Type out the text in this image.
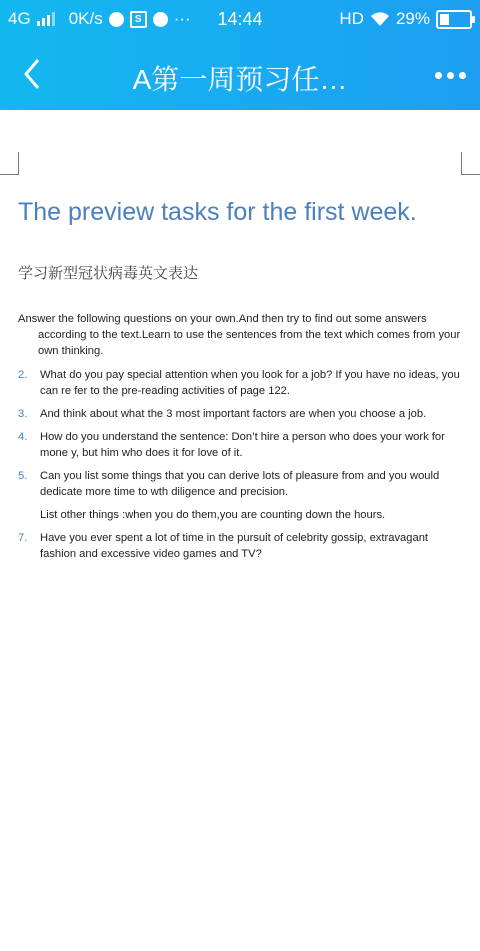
4G 0K/s	S	···	14:44	HD 29%
A第一周预习任…
The preview tasks for the first week.
学习新型冠状病毒英文表达

Answer the following questions on your own.And then try to find out some answers according to the text.Learn to use the sentences from the text which comes from your own thinking.

2. What do you pay special attention when you look for a job? If you have no ideas, you can re fer to the pre-reading activities of page 122.
3. And think about what the 3 most important factors are when you choose a job.
4. How do you understand the sentence: Don’t hire a person who does your work for mone y, but him who does it for love of it.
5. Can you list some things that you can derive lots of pleasure from and you would dedicate more time to wth diligence and precision.

List other things :when you do them,you are counting down the hours.

7. Have you ever spent a lot of time in the pursuit of celebrity gossip, extravagant fashion and excessive video games and TV?
